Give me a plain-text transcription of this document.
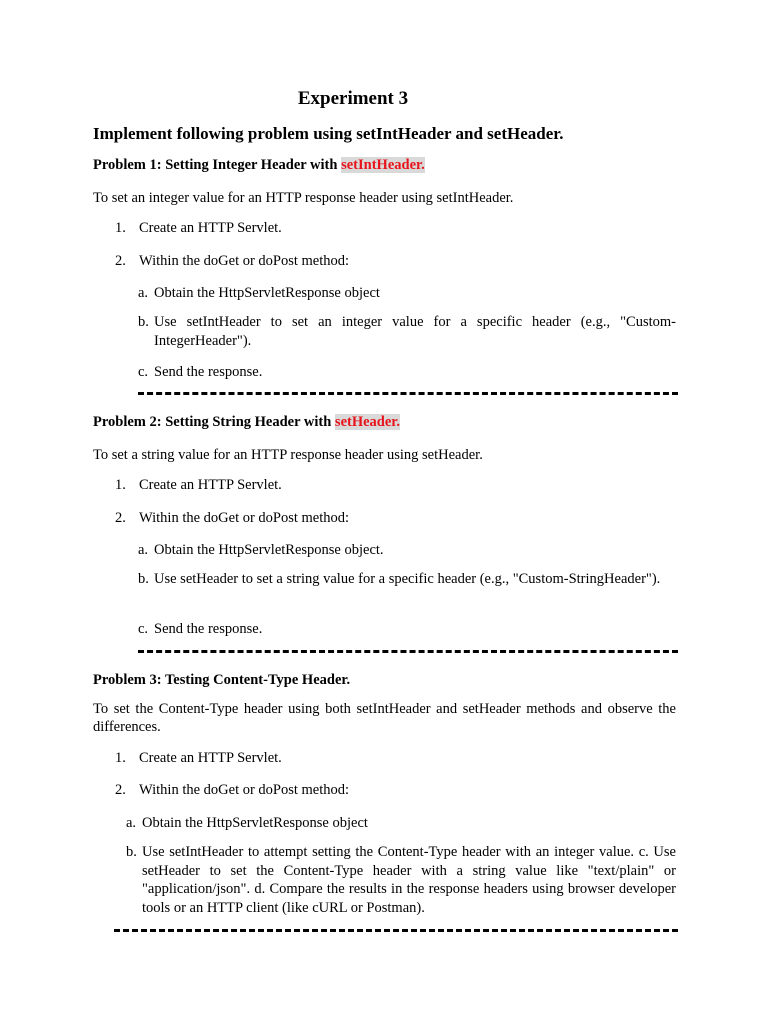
Experiment 3
Implement following problem using setIntHeader and setHeader.

Problem 1: Setting Integer Header with setIntHeader.

To set an integer value for an HTTP response header using setIntHeader.

1. Create an HTTP Servlet.
2. Within the doGet or doPost method:
a. Obtain the HttpServletResponse object
b. Use setIntHeader to set an integer value for a specific header (e.g., "Custom-IntegerHeader").
c. Send the response.

Problem 2: Setting String Header with setHeader.

To set a string value for an HTTP response header using setHeader.

1. Create an HTTP Servlet.
2. Within the doGet or doPost method:
a. Obtain the HttpServletResponse object.
b. Use setHeader to set a string value for a specific header (e.g., "Custom-StringHeader").
c. Send the response.

Problem 3: Testing Content-Type Header.

To set the Content-Type header using both setIntHeader and setHeader methods and observe the differences.

1. Create an HTTP Servlet.
2. Within the doGet or doPost method:
a. Obtain the HttpServletResponse object
b. Use setIntHeader to attempt setting the Content-Type header with an integer value. c. Use setHeader to set the Content-Type header with a string value like "text/plain" or "application/json". d. Compare the results in the response headers using browser developer tools or an HTTP client (like cURL or Postman).
